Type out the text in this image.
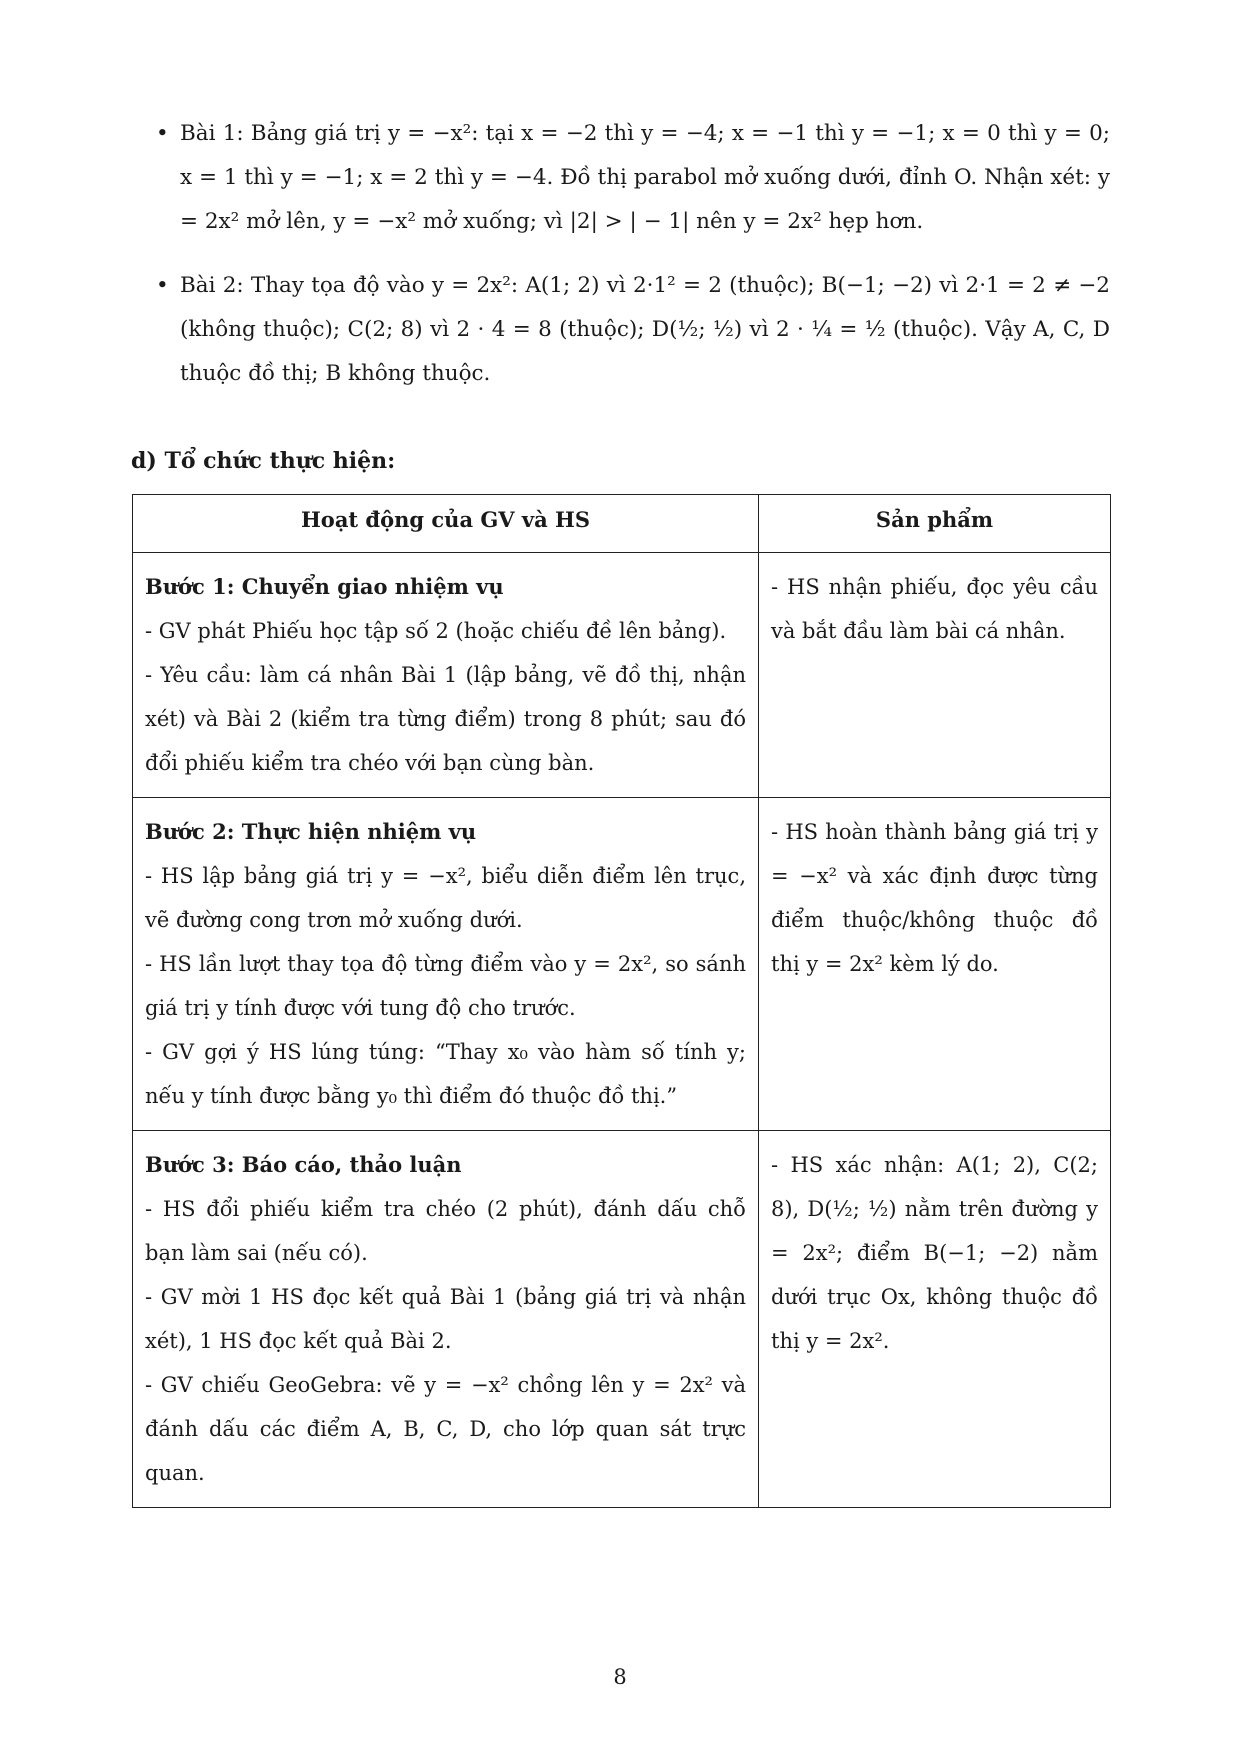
• Bài 1: Bảng giá trị y = −x²: tại x = −2 thì y = −4; x = −1 thì y = −1; x = 0 thì y = 0; x = 1 thì y = −1; x = 2 thì y = −4. Đồ thị parabol mở xuống dưới, đỉnh O. Nhận xét: y = 2x² mở lên, y = −x² mở xuống; vì |2| > | − 1| nên y = 2x² hẹp hơn.
• Bài 2: Thay tọa độ vào y = 2x²: A(1; 2) vì 2·1² = 2 (thuộc); B(−1; −2) vì 2·1 = 2 ≠ −2 (không thuộc); C(2; 8) vì 2 · 4 = 8 (thuộc); D(½; ½) vì 2 · ¼ = ½ (thuộc). Vậy A, C, D thuộc đồ thị; B không thuộc.
d) Tổ chức thực hiện:
Hoạt động của GV và HS	Sản phẩm

Bước 1: Chuyển giao nhiệm vụ
- GV phát Phiếu học tập số 2 (hoặc chiếu đề lên bảng).
- Yêu cầu: làm cá nhân Bài 1 (lập bảng, vẽ đồ thị, nhận xét) và Bài 2 (kiểm tra từng điểm) trong 8 phút; sau đó đổi phiếu kiểm tra chéo với bạn cùng bàn.	- HS nhận phiếu, đọc yêu cầu và bắt đầu làm bài cá nhân.

Bước 2: Thực hiện nhiệm vụ
- HS lập bảng giá trị y = −x², biểu diễn điểm lên trục, vẽ đường cong trơn mở xuống dưới.
- HS lần lượt thay tọa độ từng điểm vào y = 2x², so sánh giá trị y tính được với tung độ cho trước.
- GV gợi ý HS lúng túng: “Thay x₀ vào hàm số tính y; nếu y tính được bằng y₀ thì điểm đó thuộc đồ thị.”	- HS hoàn thành bảng giá trị y = −x² và xác định được từng điểm thuộc/không thuộc đồ thị y = 2x² kèm lý do.

Bước 3: Báo cáo, thảo luận
- HS đổi phiếu kiểm tra chéo (2 phút), đánh dấu chỗ bạn làm sai (nếu có).
- GV mời 1 HS đọc kết quả Bài 1 (bảng giá trị và nhận xét), 1 HS đọc kết quả Bài 2.
- GV chiếu GeoGebra: vẽ y = −x² chồng lên y = 2x² và đánh dấu các điểm A, B, C, D, cho lớp quan sát trực quan.	- HS xác nhận: A(1; 2), C(2; 8), D(½; ½) nằm trên đường y = 2x²; điểm B(−1; −2) nằm dưới trục Ox, không thuộc đồ thị y = 2x².
8
